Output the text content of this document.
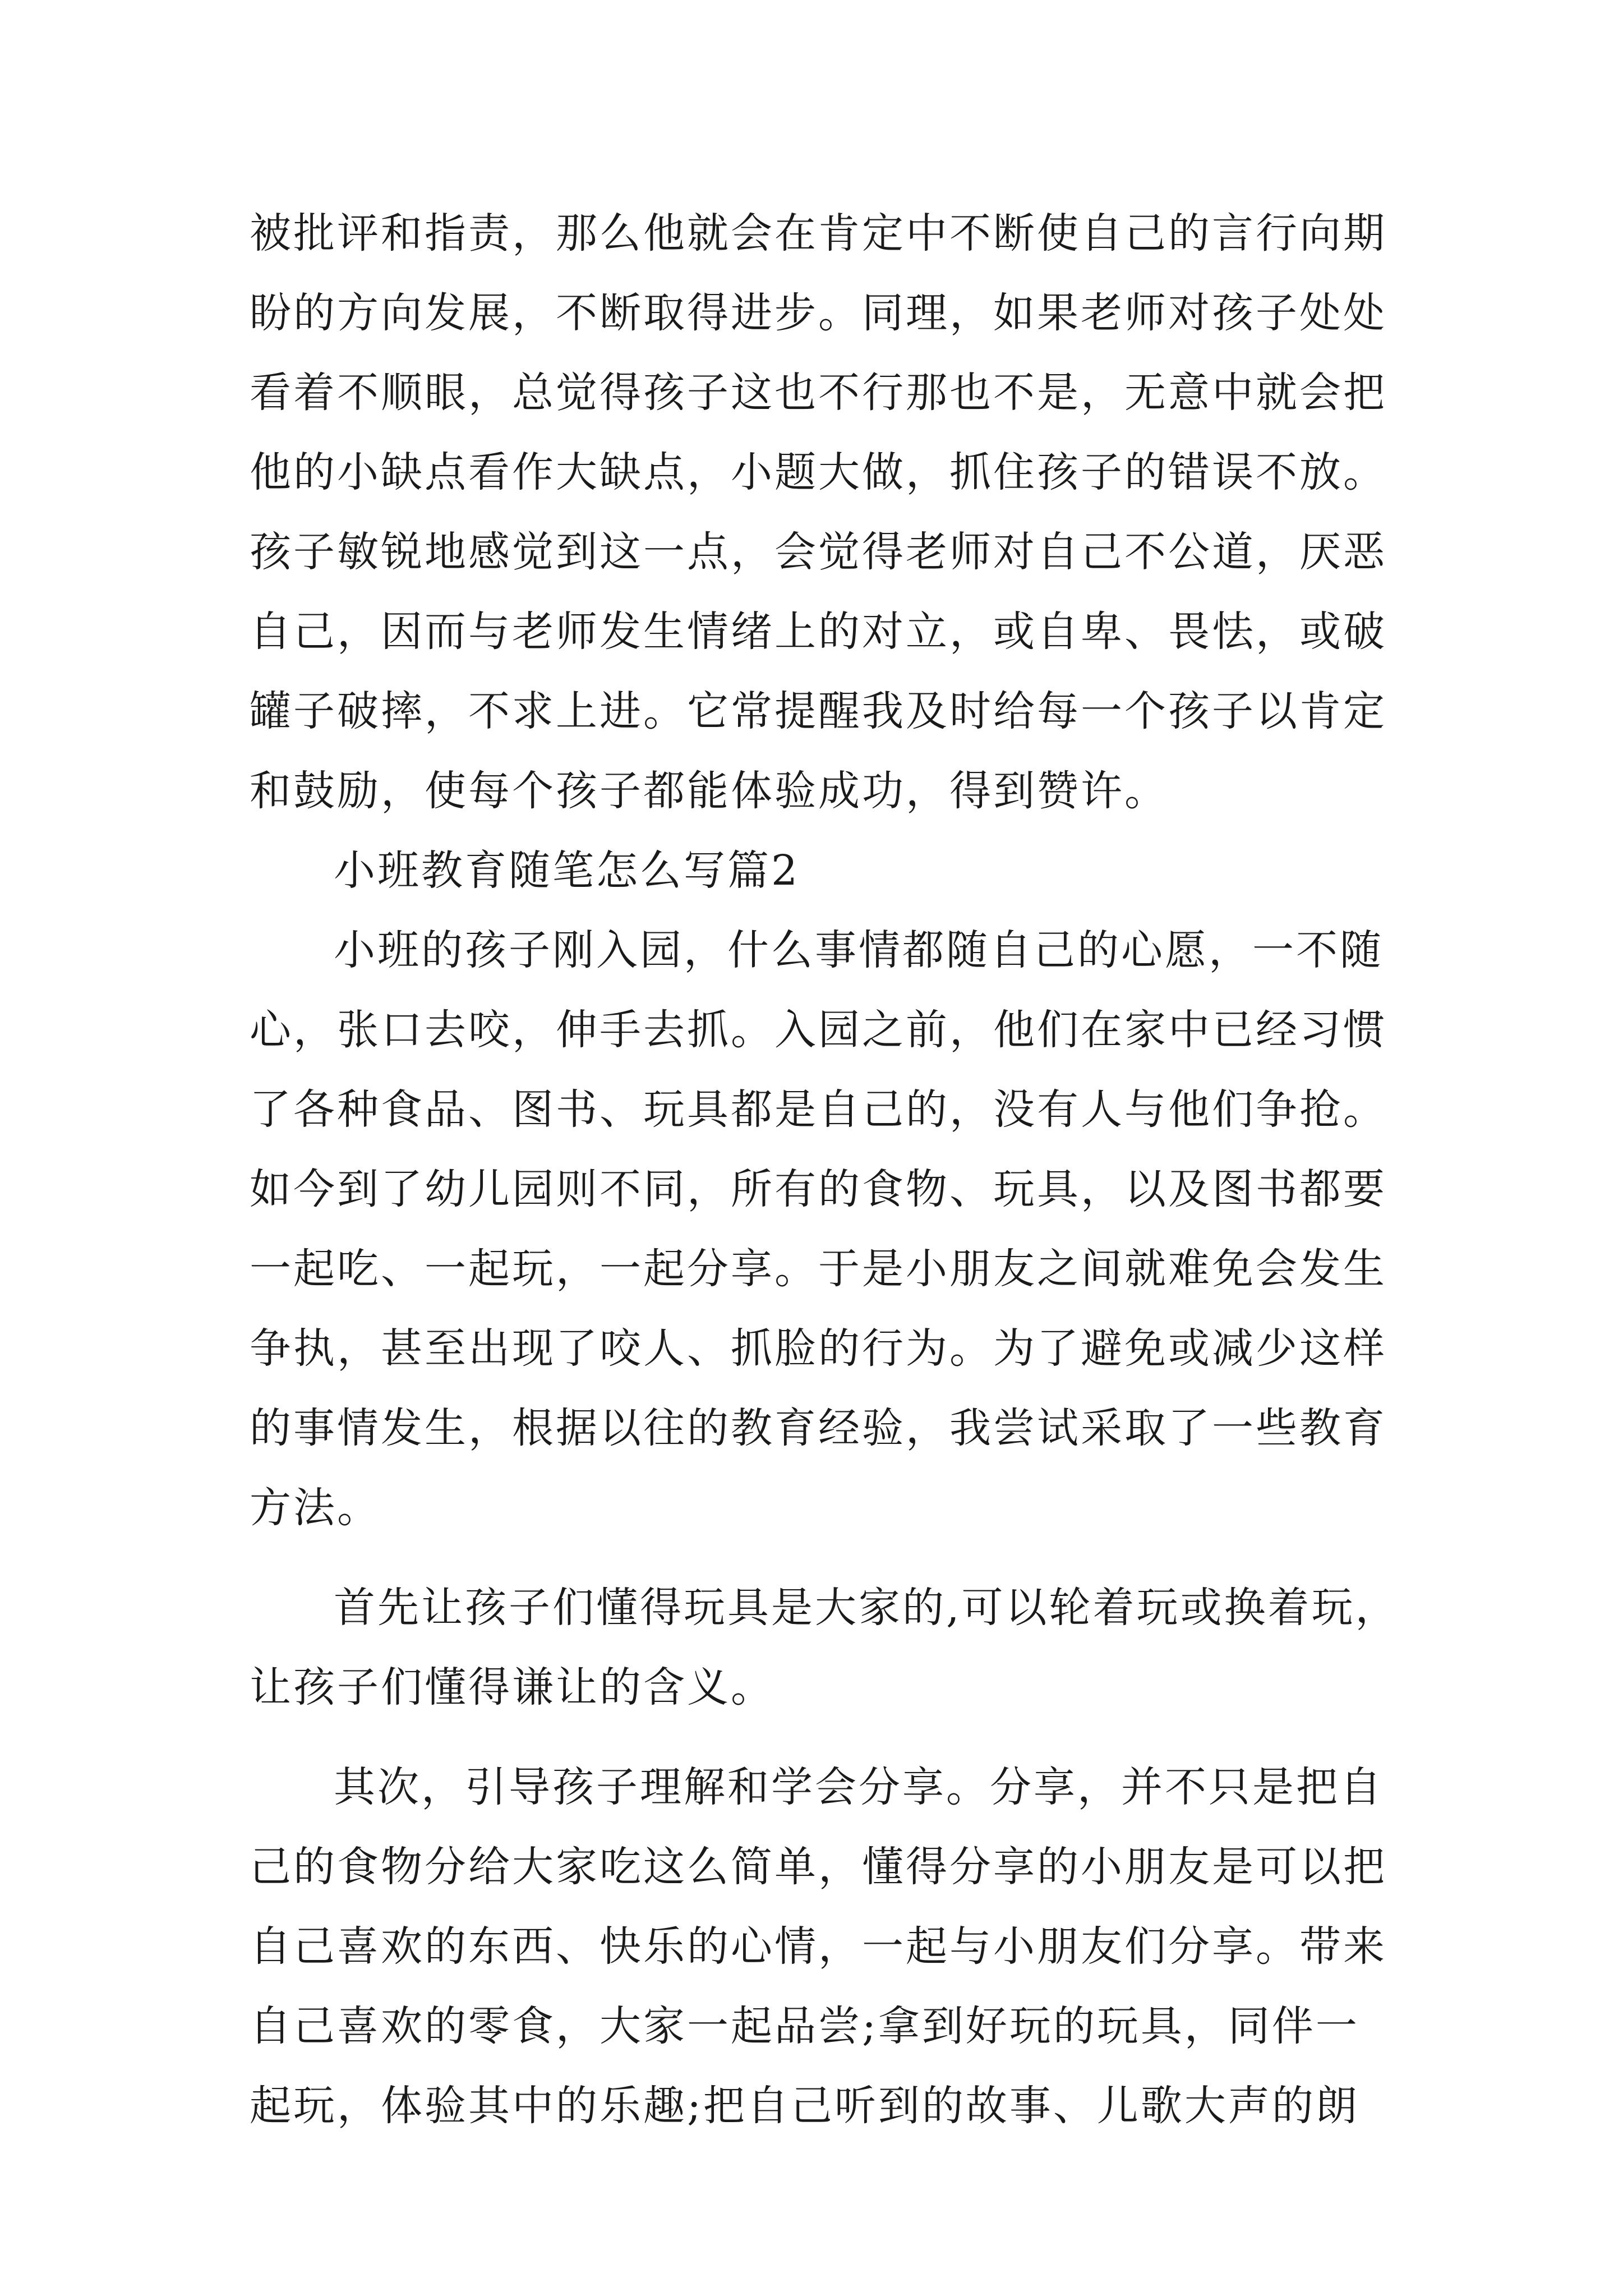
被批评和指责，那么他就会在肯定中不断使自己的言行向期
盼的方向发展，不断取得进步。同理，如果老师对孩子处处
看着不顺眼，总觉得孩子这也不行那也不是，无意中就会把
他的小缺点看作大缺点，小题大做，抓住孩子的错误不放。
孩子敏锐地感觉到这一点，会觉得老师对自己不公道，厌恶
自己，因而与老师发生情绪上的对立，或自卑、畏怯，或破
罐子破摔，不求上进。它常提醒我及时给每一个孩子以肯定
和鼓励，使每个孩子都能体验成功，得到赞许。
小班教育随笔怎么写篇2
小班的孩子刚入园，什么事情都随自己的心愿，一不随
心，张口去咬，伸手去抓。入园之前，他们在家中已经习惯
了各种食品、图书、玩具都是自己的，没有人与他们争抢。
如今到了幼儿园则不同，所有的食物、玩具，以及图书都要
一起吃、一起玩，一起分享。于是小朋友之间就难免会发生
争执，甚至出现了咬人、抓脸的行为。为了避免或减少这样
的事情发生，根据以往的教育经验，我尝试采取了一些教育
方法。
首先让孩子们懂得玩具是大家的,可以轮着玩或换着玩，
让孩子们懂得谦让的含义。
其次，引导孩子理解和学会分享。分享，并不只是把自
己的食物分给大家吃这么简单，懂得分享的小朋友是可以把
自己喜欢的东西、快乐的心情，一起与小朋友们分享。带来
自己喜欢的零食，大家一起品尝;拿到好玩的玩具，同伴一
起玩，体验其中的乐趣;把自己听到的故事、儿歌大声的朗
